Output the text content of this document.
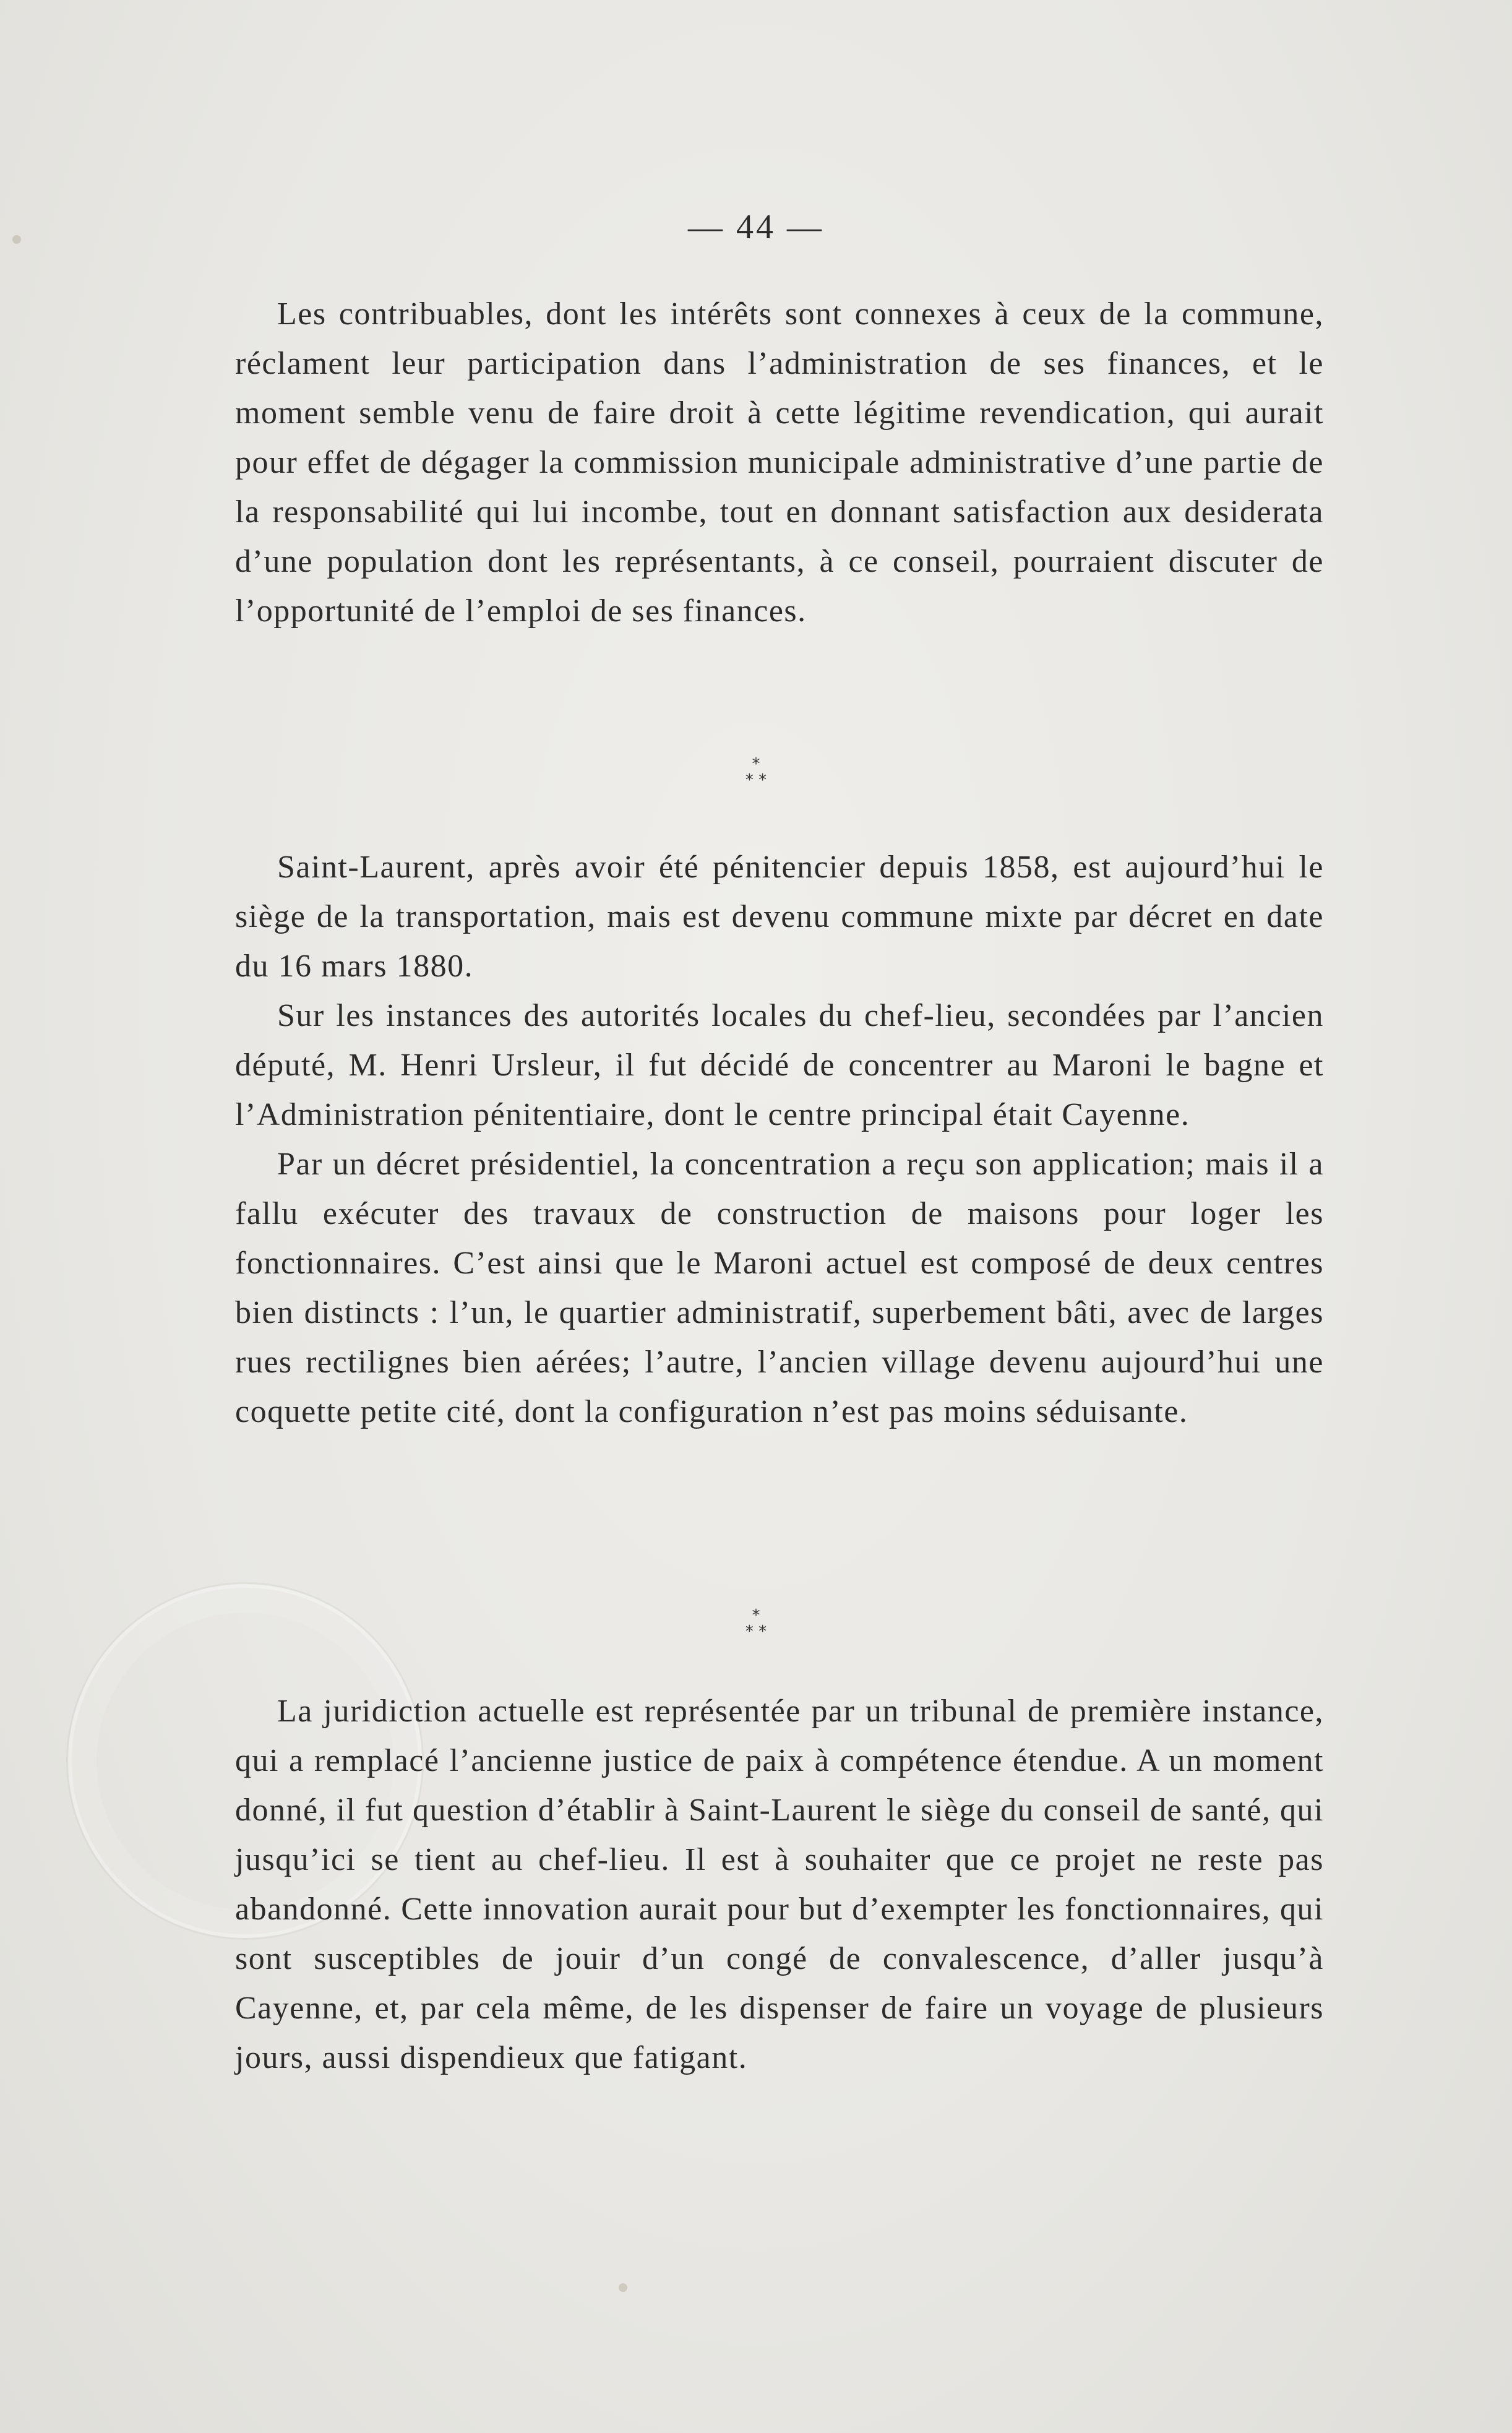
— 44 —

Les contribuables, dont les intérêts sont connexes à ceux de la commune, réclament leur participation dans l’administration de ses finances, et le moment semble venu de faire droit à cette légitime revendication, qui aurait pour effet de dégager la commission municipale administrative d’une partie de la responsabilité qui lui incombe, tout en donnant satisfaction aux desiderata d’une population dont les représentants, à ce conseil, pourraient discuter de l’opportunité de l’emploi de ses finances.

*
* *

Saint-Laurent, après avoir été pénitencier depuis 1858, est aujourd’hui le siège de la transportation, mais est devenu commune mixte par décret en date du 16 mars 1880.

Sur les instances des autorités locales du chef-lieu, secondées par l’ancien député, M. Henri Ursleur, il fut décidé de concentrer au Maroni le bagne et l’Administration pénitentiaire, dont le centre principal était Cayenne.

Par un décret présidentiel, la concentration a reçu son application; mais il a fallu exécuter des travaux de construction de maisons pour loger les fonctionnaires. C’est ainsi que le Maroni actuel est composé de deux centres bien distincts : l’un, le quartier administratif, superbement bâti, avec de larges rues rectilignes bien aérées; l’autre, l’ancien village devenu aujourd’hui une coquette petite cité, dont la configuration n’est pas moins séduisante.

*
* *

La juridiction actuelle est représentée par un tribunal de première instance, qui a remplacé l’ancienne justice de paix à compétence étendue. A un moment donné, il fut question d’établir à Saint-Laurent le siège du conseil de santé, qui jusqu’ici se tient au chef-lieu. Il est à souhaiter que ce projet ne reste pas abandonné. Cette innovation aurait pour but d’exempter les fonctionnaires, qui sont susceptibles de jouir d’un congé de convalescence, d’aller jusqu’à Cayenne, et, par cela même, de les dispenser de faire un voyage de plusieurs jours, aussi dispendieux que fatigant.
